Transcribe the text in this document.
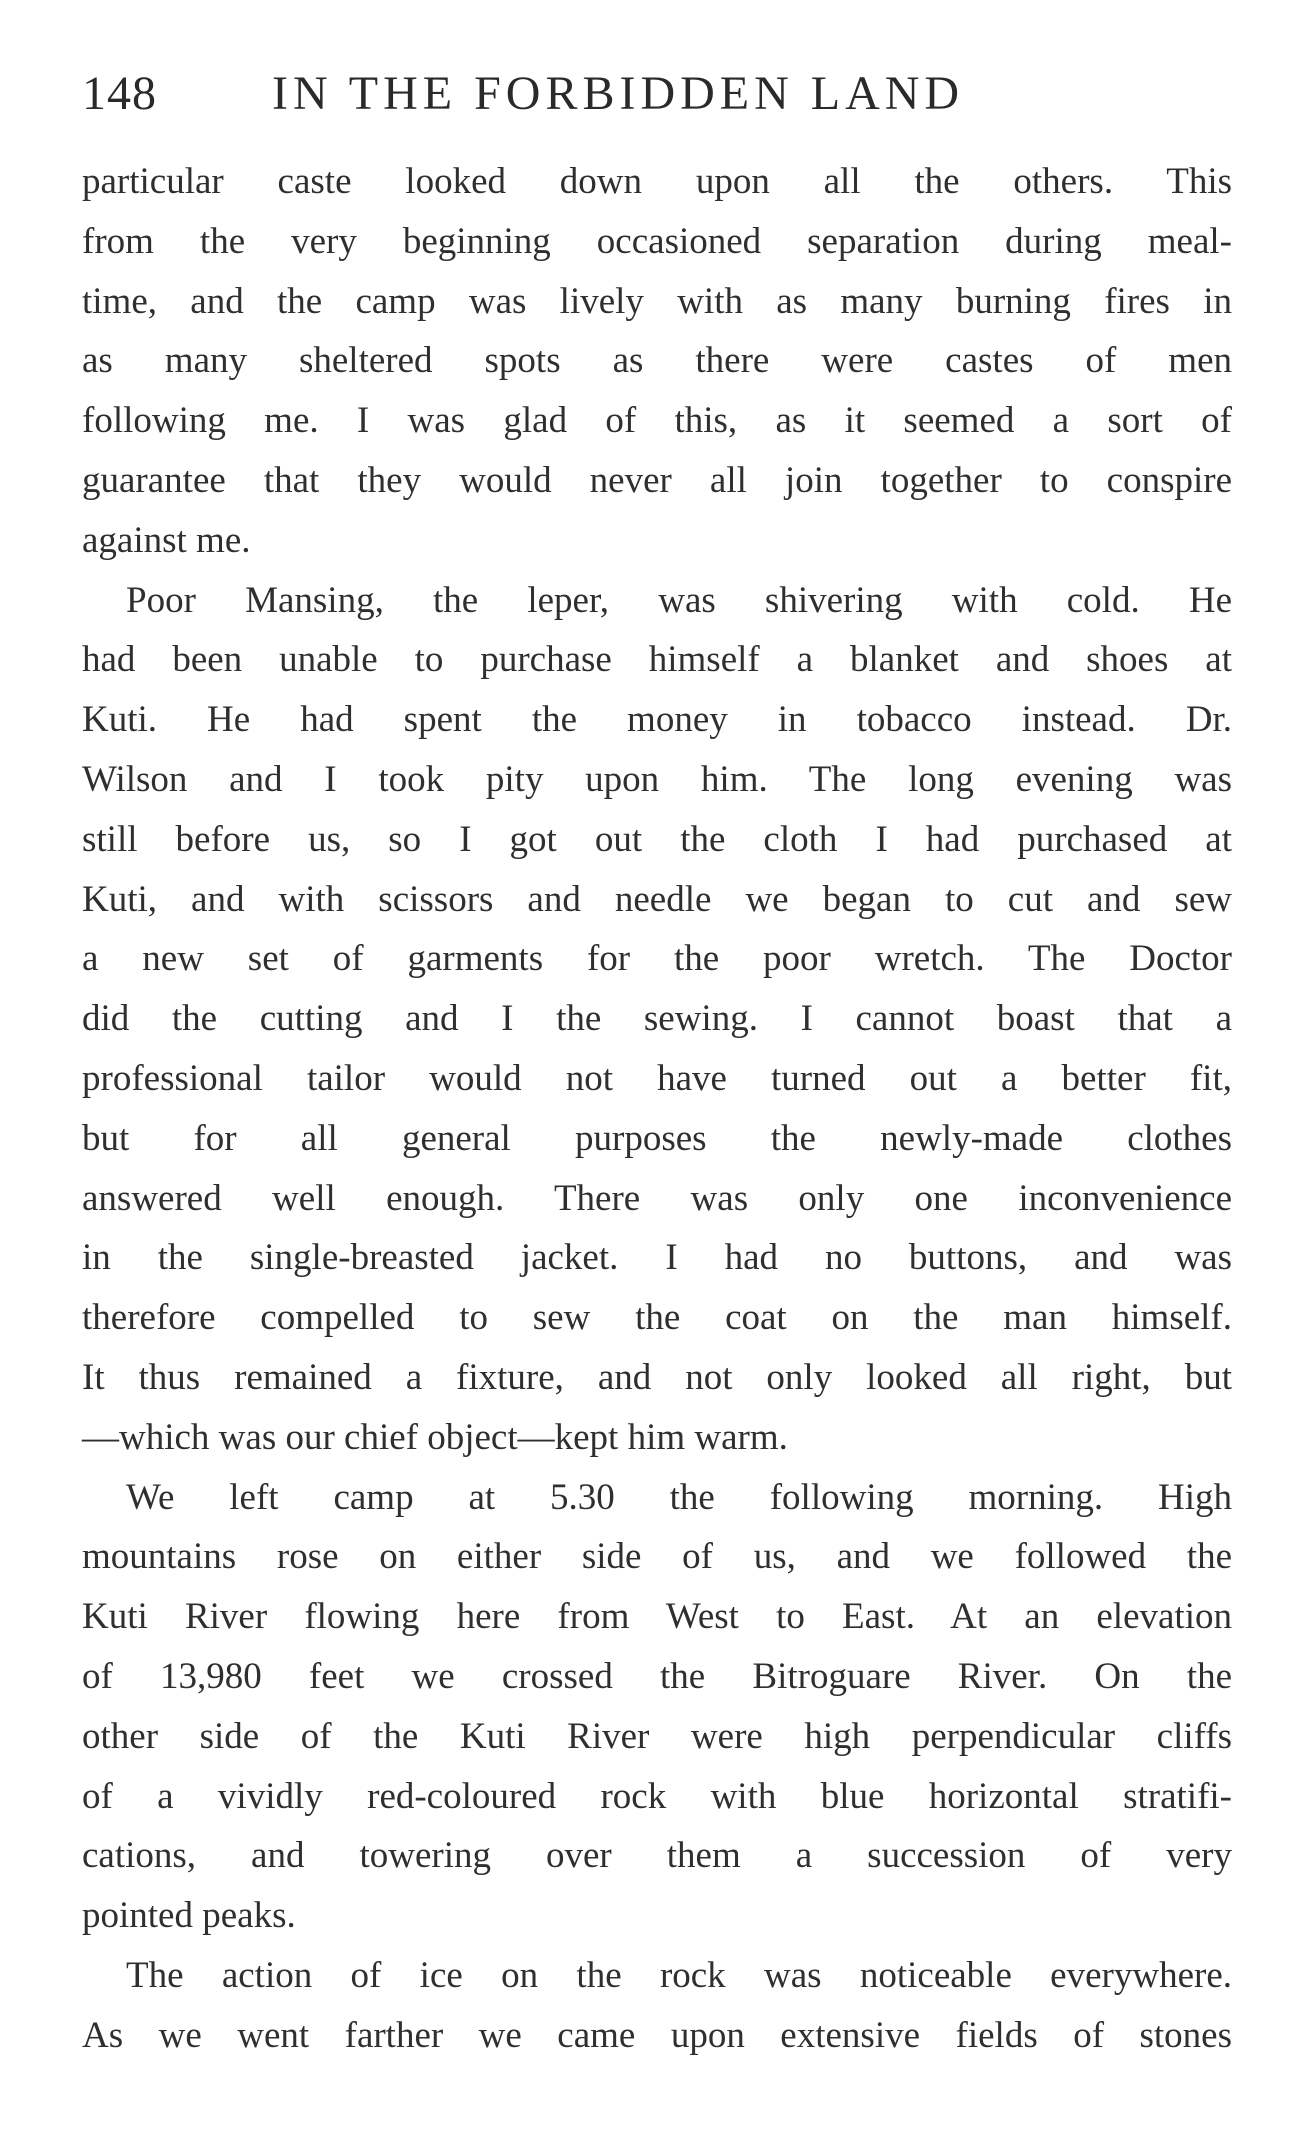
148 IN THE FORBIDDEN LAND
particular caste looked down upon all the others. This
from the very beginning occasioned separation during meal-
time, and the camp was lively with as many burning fires in
as many sheltered spots as there were castes of men
following me. I was glad of this, as it seemed a sort of
guarantee that they would never all join together to conspire
against me.
Poor Mansing, the leper, was shivering with cold. He
had been unable to purchase himself a blanket and shoes at
Kuti. He had spent the money in tobacco instead. Dr.
Wilson and I took pity upon him. The long evening was
still before us, so I got out the cloth I had purchased at
Kuti, and with scissors and needle we began to cut and sew
a new set of garments for the poor wretch. The Doctor
did the cutting and I the sewing. I cannot boast that a
professional tailor would not have turned out a better fit,
but for all general purposes the newly-made clothes
answered well enough. There was only one inconvenience
in the single-breasted jacket. I had no buttons, and was
therefore compelled to sew the coat on the man himself.
It thus remained a fixture, and not only looked all right, but
—which was our chief object—kept him warm.
We left camp at 5.30 the following morning. High
mountains rose on either side of us, and we followed the
Kuti River flowing here from West to East. At an elevation
of 13,980 feet we crossed the Bitroguare River. On the
other side of the Kuti River were high perpendicular cliffs
of a vividly red-coloured rock with blue horizontal stratifi-
cations, and towering over them a succession of very
pointed peaks.
The action of ice on the rock was noticeable everywhere.
As we went farther we came upon extensive fields of stones
